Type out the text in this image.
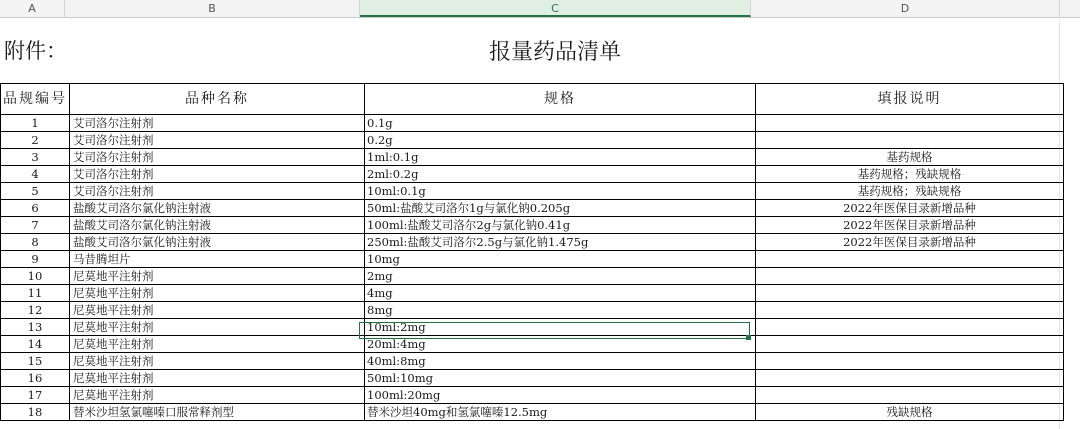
A	B	C	D
附件：	报量药品清单
品规编号	品种名称	规格	填报说明
1	艾司洛尔注射剂	0.1g	
2	艾司洛尔注射剂	0.2g	
3	艾司洛尔注射剂	1ml:0.1g	基药规格
4	艾司洛尔注射剂	2ml:0.2g	基药规格；残缺规格
5	艾司洛尔注射剂	10ml:0.1g	基药规格；残缺规格
6	盐酸艾司洛尔氯化钠注射液	50ml:盐酸艾司洛尔1g与氯化钠0.205g	2022年医保目录新增品种
7	盐酸艾司洛尔氯化钠注射液	100ml:盐酸艾司洛尔2g与氯化钠0.41g	2022年医保目录新增品种
8	盐酸艾司洛尔氯化钠注射液	250ml:盐酸艾司洛尔2.5g与氯化钠1.475g	2022年医保目录新增品种
9	马昔腾坦片	10mg	
10	尼莫地平注射剂	2mg	
11	尼莫地平注射剂	4mg	
12	尼莫地平注射剂	8mg	
13	尼莫地平注射剂	10ml:2mg	
14	尼莫地平注射剂	20ml:4mg	
15	尼莫地平注射剂	40ml:8mg	
16	尼莫地平注射剂	50ml:10mg	
17	尼莫地平注射剂	100ml:20mg	
18	替米沙坦氢氯噻嗪口服常释剂型	替米沙坦40mg和氢氯噻嗪12.5mg	残缺规格
